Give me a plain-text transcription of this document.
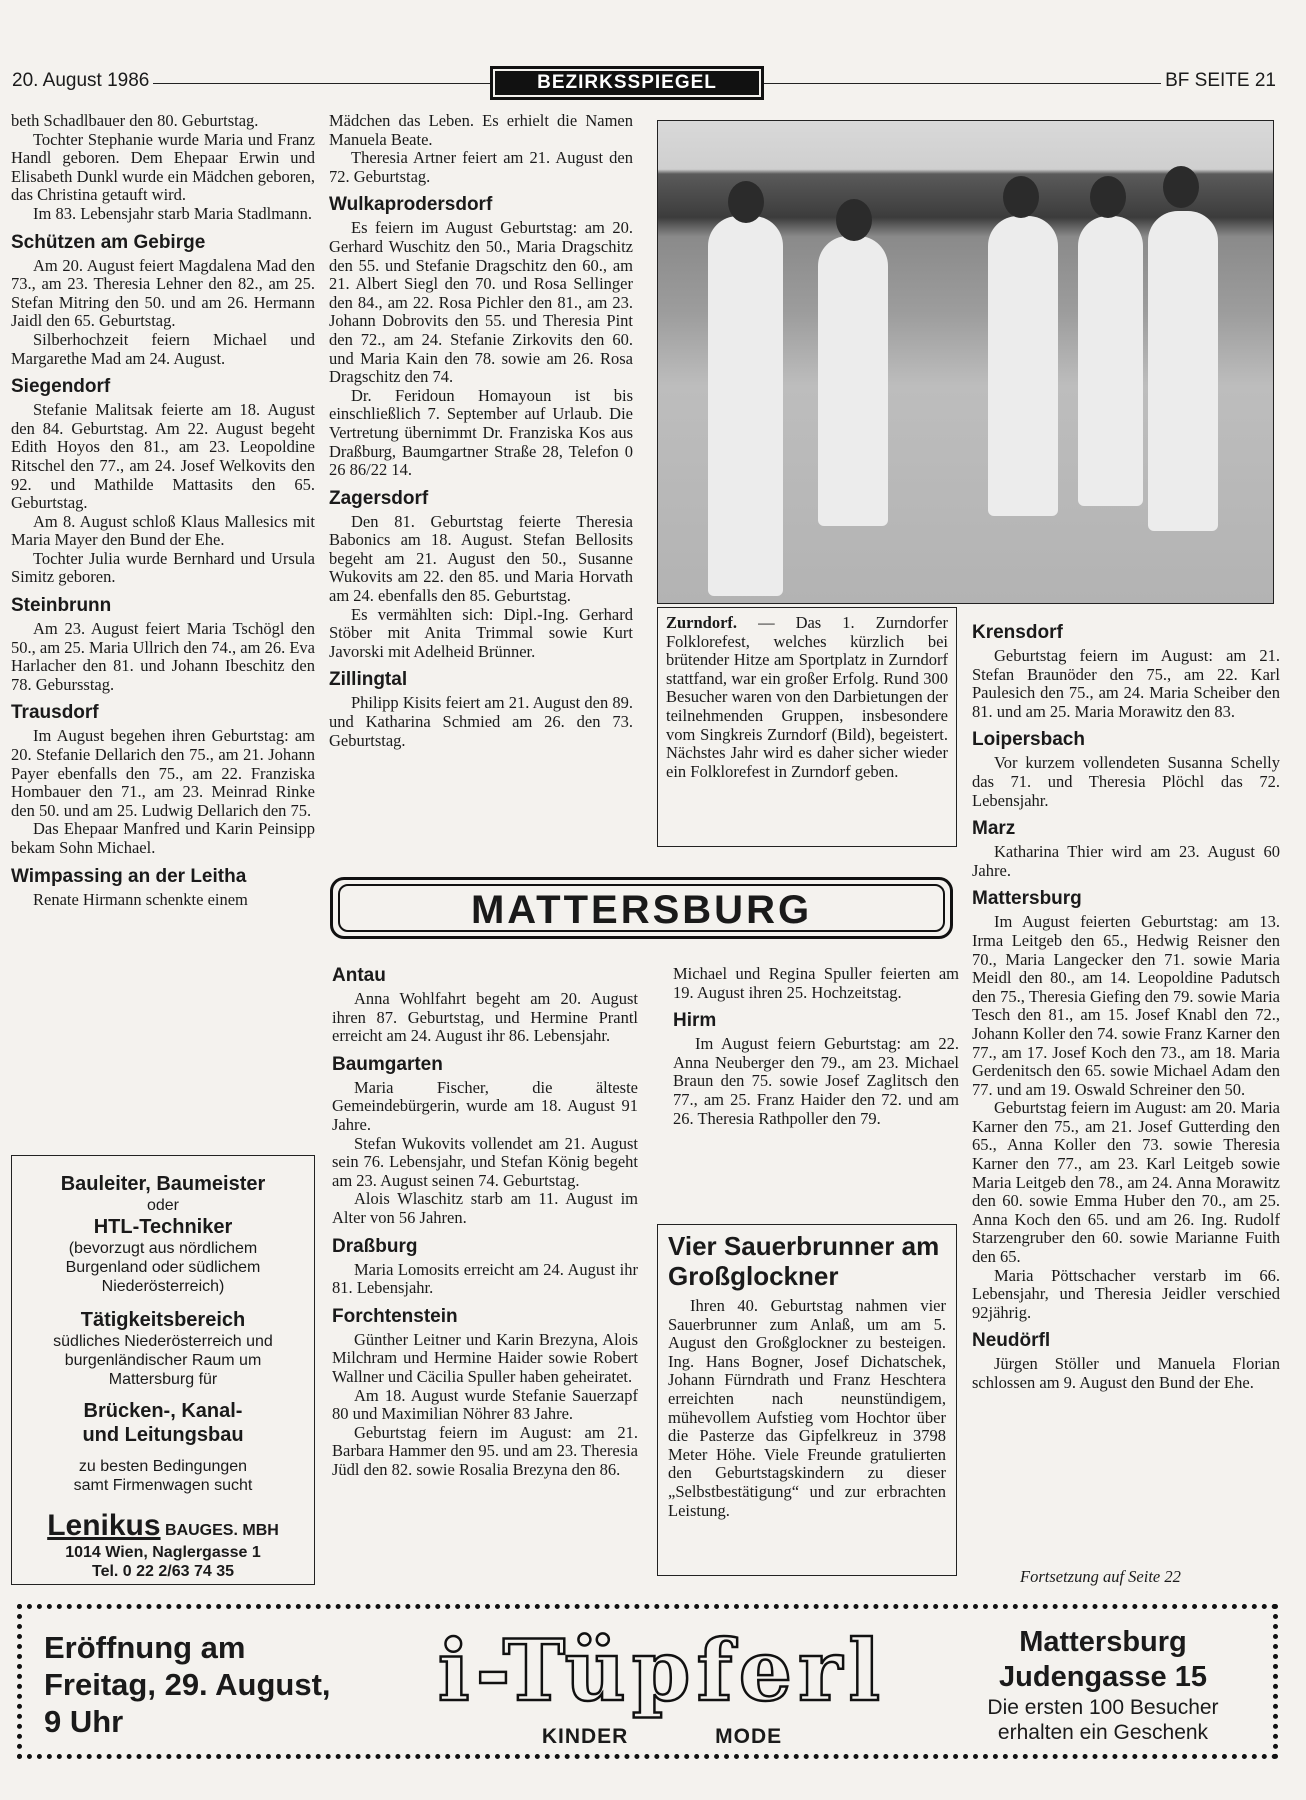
20. August 1986	BEZIRKSSPIEGEL	BF SEITE 21

beth Schadlbauer den 80. Geburtstag.

Tochter Stephanie wurde Maria und Franz Handl geboren. Dem Ehepaar Erwin und Elisabeth Dunkl wurde ein Mädchen geboren, das Christina getauft wird.

Im 83. Lebensjahr starb Maria Stadlmann.

Schützen am Gebirge

Am 20. August feiert Magdalena Mad den 73., am 23. Theresia Lehner den 82., am 25. Stefan Mitring den 50. und am 26. Hermann Jaidl den 65. Geburtstag.

Silberhochzeit feiern Michael und Margarethe Mad am 24. August.

Siegendorf

Stefanie Malitsak feierte am 18. August den 84. Geburtstag. Am 22. August begeht Edith Hoyos den 81., am 23. Leopoldine Ritschel den 77., am 24. Josef Welkovits den 92. und Mathilde Mattasits den 65. Geburtstag.

Am 8. August schloß Klaus Mallesics mit Maria Mayer den Bund der Ehe.

Tochter Julia wurde Bernhard und Ursula Simitz geboren.

Steinbrunn

Am 23. August feiert Maria Tschögl den 50., am 25. Maria Ullrich den 74., am 26. Eva Harlacher den 81. und Johann Ibeschitz den 78. Gebursstag.

Trausdorf

Im August begehen ihren Geburtstag: am 20. Stefanie Dellarich den 75., am 21. Johann Payer ebenfalls den 75., am 22. Franziska Hombauer den 71., am 23. Meinrad Rinke den 50. und am 25. Ludwig Dellarich den 75.

Das Ehepaar Manfred und Karin Peinsipp bekam Sohn Michael.

Wimpassing an der Leitha

Renate Hirmann schenkte einem

Mädchen das Leben. Es erhielt die Namen Manuela Beate.

Theresia Artner feiert am 21. August den 72. Geburtstag.

Wulkaprodersdorf

Es feiern im August Geburtstag: am 20. Gerhard Wuschitz den 50., Maria Dragschitz den 55. und Stefanie Dragschitz den 60., am 21. Albert Siegl den 70. und Rosa Sellinger den 84., am 22. Rosa Pichler den 81., am 23. Johann Dobrovits den 55. und Theresia Pint den 72., am 24. Stefanie Zirkovits den 60. und Maria Kain den 78. sowie am 26. Rosa Dragschitz den 74.

Dr. Feridoun Homayoun ist bis einschließlich 7. September auf Urlaub. Die Vertretung übernimmt Dr. Franziska Kos aus Draßburg, Baumgartner Straße 28, Telefon 0 26 86/22 14.

Zagersdorf

Den 81. Geburtstag feierte Theresia Babonics am 18. August. Stefan Bellosits begeht am 21. August den 50., Susanne Wukovits am 22. den 85. und Maria Horvath am 24. ebenfalls den 85. Geburtstag.

Es vermählten sich: Dipl.-Ing. Gerhard Stöber mit Anita Trimmal sowie Kurt Javorski mit Adelheid Brünner.

Zillingtal

Philipp Kisits feiert am 21. August den 89. und Katharina Schmied am 26. den 73. Geburtstag.

Zurndorf. — Das 1. Zurndorfer Folklorefest, welches kürzlich bei brütender Hitze am Sportplatz in Zurndorf stattfand, war ein großer Erfolg. Rund 300 Besucher waren von den Darbietungen der teilnehmenden Gruppen, insbesondere vom Singkreis Zurndorf (Bild), begeistert. Nächstes Jahr wird es daher sicher wieder ein Folklorefest in Zurndorf geben.
Krensdorf

Geburtstag feiern im August: am 21. Stefan Braunöder den 75., am 22. Karl Paulesich den 75., am 24. Maria Scheiber den 81. und am 25. Maria Morawitz den 83.

Loipersbach

Vor kurzem vollendeten Susanna Schelly das 71. und Theresia Plöchl das 72. Lebensjahr.

Marz

Katharina Thier wird am 23. August 60 Jahre.

Mattersburg

Im August feierten Geburtstag: am 13. Irma Leitgeb den 65., Hedwig Reisner den 70., Maria Langecker den 71. sowie Maria Meidl den 80., am 14. Leopoldine Padutsch den 75., Theresia Giefing den 79. sowie Maria Tesch den 81., am 15. Josef Knabl den 72., Johann Koller den 74. sowie Franz Karner den 77., am 17. Josef Koch den 73., am 18. Maria Gerdenitsch den 65. sowie Michael Adam den 77. und am 19. Oswald Schreiner den 50.

Geburtstag feiern im August: am 20. Maria Karner den 75., am 21. Josef Gutterding den 65., Anna Koller den 73. sowie Theresia Karner den 77., am 23. Karl Leitgeb sowie Maria Leitgeb den 78., am 24. Anna Morawitz den 60. sowie Emma Huber den 70., am 25. Anna Koch den 65. und am 26. Ing. Rudolf Starzengruber den 60. sowie Marianne Fuith den 65.

Maria Pöttschacher verstarb im 66. Lebensjahr, und Theresia Jeidler verschied 92jährig.

Neudörfl

Jürgen Stöller und Manuela Florian schlossen am 9. August den Bund der Ehe.

Fortsetzung auf Seite 22
MATTERSBURG
Antau

Anna Wohlfahrt begeht am 20. August ihren 87. Geburtstag, und Hermine Prantl erreicht am 24. August ihr 86. Lebensjahr.

Baumgarten

Maria Fischer, die älteste Gemeindebürgerin, wurde am 18. August 91 Jahre.

Stefan Wukovits vollendet am 21. August sein 76. Lebensjahr, und Stefan König begeht am 23. August seinen 74. Geburtstag.

Alois Wlaschitz starb am 11. August im Alter von 56 Jahren.

Draßburg

Maria Lomosits erreicht am 24. August ihr 81. Lebensjahr.

Forchtenstein

Günther Leitner und Karin Brezyna, Alois Milchram und Hermine Haider sowie Robert Wallner und Cäcilia Spuller haben geheiratet.

Am 18. August wurde Stefanie Sauerzapf 80 und Maximilian Nöhrer 83 Jahre.

Geburtstag feiern im August: am 21. Barbara Hammer den 95. und am 23. Theresia Jüdl den 82. sowie Rosalia Brezyna den 86.

Michael und Regina Spuller feierten am 19. August ihren 25. Hochzeitstag.

Hirm

Im August feiern Geburtstag: am 22. Anna Neuberger den 79., am 23. Michael Braun den 75. sowie Josef Zaglitsch den 77., am 25. Franz Haider den 72. und am 26. Theresia Rathpoller den 79.

Vier Sauerbrunner am Großglockner

Ihren 40. Geburtstag nahmen vier Sauerbrunner zum Anlaß, um am 5. August den Großglockner zu besteigen. Ing. Hans Bogner, Josef Dichatschek, Johann Fürndrath und Franz Heschtera erreichten nach neunstündigem, mühevollem Aufstieg vom Hochtor über die Pasterze das Gipfelkreuz in 3798 Meter Höhe. Viele Freunde gratulierten den Geburtstagskindern zu dieser „Selbstbestätigung“ und zur erbrachten Leistung.

Bauleiter, Baumeister
oder
HTL-Techniker
(bevorzugt aus nördlichem Burgenland oder südlichem Niederösterreich)
Tätigkeitsbereich
südliches Niederösterreich und burgenländischer Raum um Mattersburg für
Brücken-, Kanal- und Leitungsbau
zu besten Bedingungen samt Firmenwagen sucht
Lenikus BAUGES. MBH
1014 Wien, Naglergasse 1
Tel. 0 22 2/63 74 35
Eröffnung am
Freitag, 29. August,
9 Uhr
i-Tüpferl
KINDER	MODE
Mattersburg
Judengasse 15
Die ersten 100 Besucher erhalten ein Geschenk
